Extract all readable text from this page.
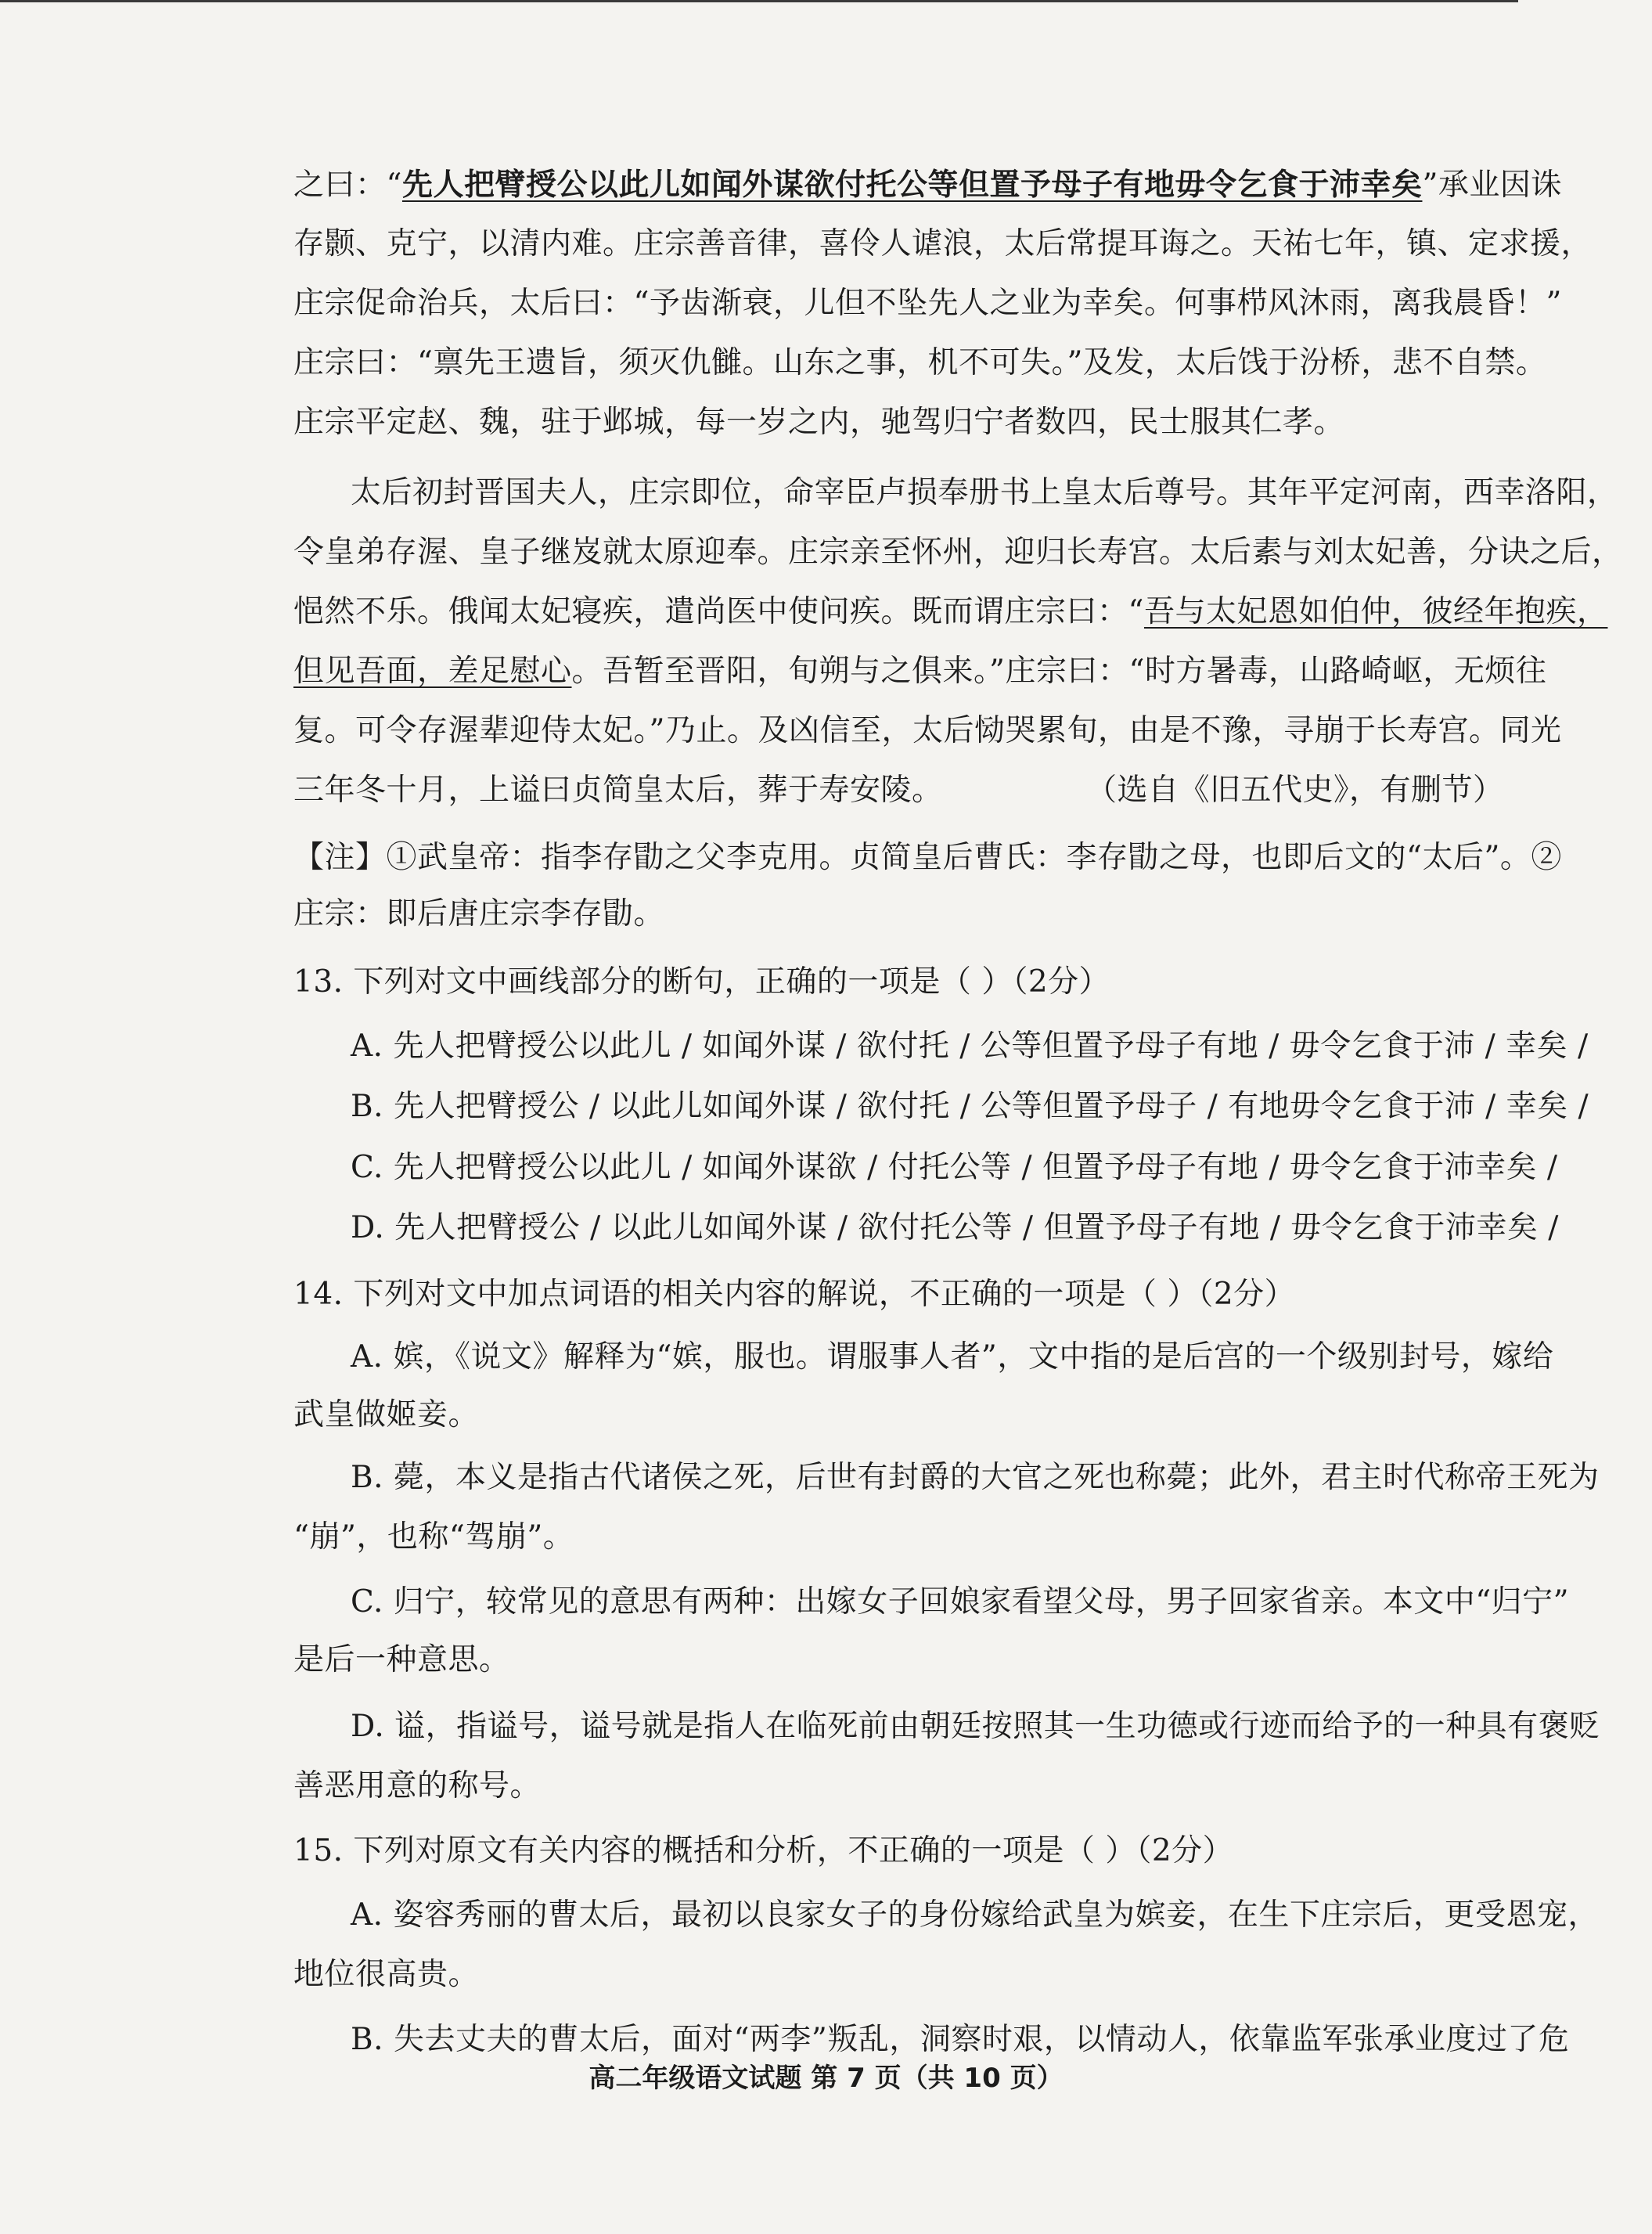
之曰：“先人把臂授公以此儿如闻外谋欲付托公等但置予母子有地毋令乞食于沛幸矣”承业因诛
存颢、克宁，以清内难。庄宗善音律，喜伶人谑浪，太后常提耳诲之。天祐七年，镇、定求援，
庄宗促命治兵，太后曰：“予齿渐衰，儿但不坠先人之业为幸矣。何事栉风沐雨，离我晨昏！”
庄宗曰：“禀先王遗旨，须灭仇雠。山东之事，机不可失。”及发，太后饯于汾桥，悲不自禁。
庄宗平定赵、魏，驻于邺城，每一岁之内，驰驾归宁者数四，民士服其仁孝。
太后初封晋国夫人，庄宗即位，命宰臣卢损奉册书上皇太后尊号。其年平定河南，西幸洛阳，
令皇弟存渥、皇子继岌就太原迎奉。庄宗亲至怀州，迎归长寿宫。太后素与刘太妃善，分诀之后，
悒然不乐。俄闻太妃寝疾，遣尚医中使问疾。既而谓庄宗曰：“吾与太妃恩如伯仲，彼经年抱疾，
但见吾面，差足慰心。吾暂至晋阳，旬朔与之俱来。”庄宗曰：“时方暑毒，山路崎岖，无烦往
复。可令存渥辈迎侍太妃。”乃止。及凶信至，太后恸哭累旬，由是不豫，寻崩于长寿宫。同光
三年冬十月，上谥曰贞简皇太后，葬于寿安陵。	（选自《旧五代史》，有删节）
【注】①武皇帝：指李存勖之父李克用。贞简皇后曹氏：李存勖之母，也即后文的“太后”。②
庄宗：即后唐庄宗李存勖。
13. 下列对文中画线部分的断句，正确的一项是（ ）（2分）
A. 先人把臂授公以此儿 / 如闻外谋 / 欲付托 / 公等但置予母子有地 / 毋令乞食于沛 / 幸矣 /
B. 先人把臂授公 / 以此儿如闻外谋 / 欲付托 / 公等但置予母子 / 有地毋令乞食于沛 / 幸矣 /
C. 先人把臂授公以此儿 / 如闻外谋欲 / 付托公等 / 但置予母子有地 / 毋令乞食于沛幸矣 /
D. 先人把臂授公 / 以此儿如闻外谋 / 欲付托公等 / 但置予母子有地 / 毋令乞食于沛幸矣 /
14. 下列对文中加点词语的相关内容的解说，不正确的一项是（ ）（2分）
A. 嫔，《说文》解释为“嫔，服也。谓服事人者”，文中指的是后宫的一个级别封号，嫁给
武皇做姬妾。
B. 薨，本义是指古代诸侯之死，后世有封爵的大官之死也称薨；此外，君主时代称帝王死为
“崩”，也称“驾崩”。
C. 归宁，较常见的意思有两种：出嫁女子回娘家看望父母，男子回家省亲。本文中“归宁”
是后一种意思。
D. 谥，指谥号，谥号就是指人在临死前由朝廷按照其一生功德或行迹而给予的一种具有褒贬
善恶用意的称号。
15. 下列对原文有关内容的概括和分析，不正确的一项是（ ）（2分）
A. 姿容秀丽的曹太后，最初以良家女子的身份嫁给武皇为嫔妾，在生下庄宗后，更受恩宠，
地位很高贵。
B. 失去丈夫的曹太后，面对“两李”叛乱，洞察时艰，以情动人，依靠监军张承业度过了危
高二年级语文试题 第 7 页（共 10 页）
